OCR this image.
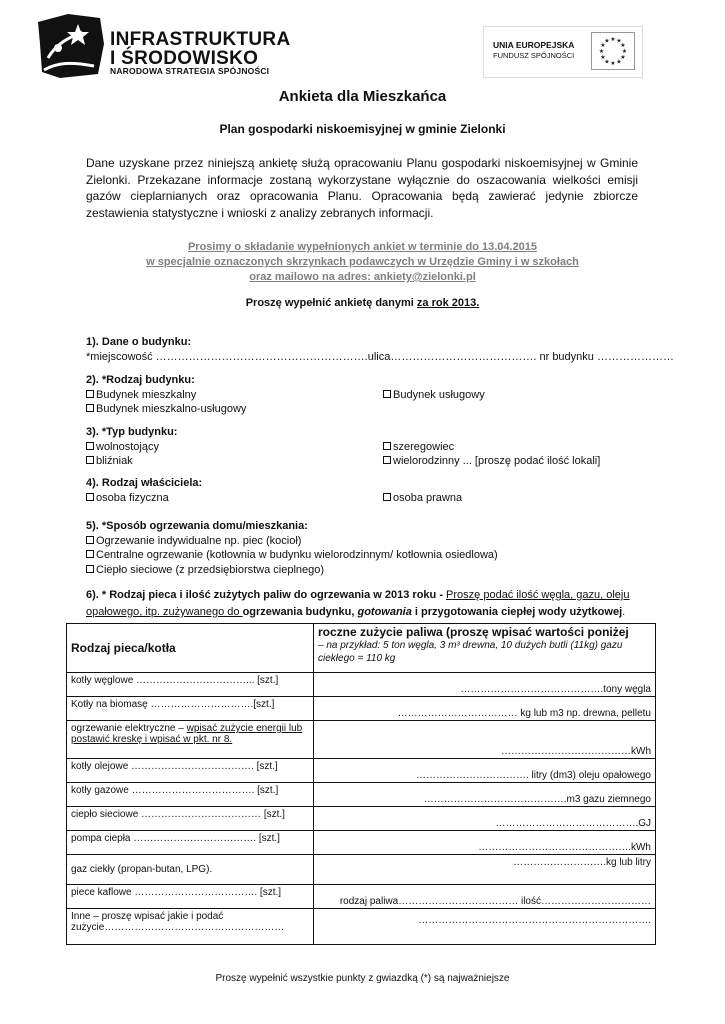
INFRASTRUKTURA
I ŚRODOWISKO
NARODOWA STRATEGIA SPÓJNOŚCI
UNIA EUROPEJSKA
FUNDUSZ SPÓJNOŚCI
★ ★
★
★
★
★
★
★
★
★
★
★
Ankieta dla Mieszkańca
Plan gospodarki niskoemisyjnej w gminie Zielonki
Dane uzyskane przez niniejszą ankietę służą opracowaniu Planu gospodarki niskoemisyjnej w Gminie Zielonki. Przekazane informacje zostaną wykorzystane wyłącznie do oszacowania wielkości emisji gazów cieplarnianych oraz opracowania Planu. Opracowania będą zawierać jedynie zbiorcze zestawienia statystyczne i wnioski z analizy zebranych informacji.
Prosimy o składanie wypełnionych ankiet w terminie do 13.04.2015
w specjalnie oznaczonych skrzynkach podawczych w Urzędzie Gminy i w szkołach
oraz mailowo na adres: ankiety@zielonki.pl
Proszę wypełnić ankietę danymi za rok 2013.
1). Dane o budynku:
*miejscowość ………………………………………………….ulica…………………………………. nr budynku …………………
2). *Rodzaj budynku:
Budynek mieszkalny	Budynek usługowy
Budynek mieszkalno-usługowy
3). *Typ budynku:
wolnostojący	szeregowiec
bliźniak	wielorodzinny ... [proszę podać ilość lokali]
4). Rodzaj właściciela:
osoba fizyczna	osoba prawna
5). *Sposób ogrzewania domu/mieszkania:
Ogrzewanie indywidualne np. piec (kocioł)
Centralne ogrzewanie (kotłownia w budynku wielorodzinnym/ kotłownia osiedlowa)
Ciepło sieciowe (z przedsiębiorstwa cieplnego)
6). * Rodzaj pieca i ilość zużytych paliw do ogrzewania w 2013 roku - Proszę podać ilość węgla, gazu, oleju opałowego, itp. zużywanego do ogrzewania budynku, gotowania i przygotowania ciepłej wody użytkowej.
Rodzaj pieca/kotła	roczne zużycie paliwa (proszę wpisać wartości poniżej
– na przykład: 5 ton węgla, 3 m³ drewna, 10 dużych butli (11kg) gazu ciekłego = 110 kg
kotły węglowe ……………………………... [szt.]	…………………………………….tony węgla
Kotły na biomasę ………………………….[szt.]	……………………………… kg lub m3 np. drewna, pelletu
ogrzewanie elektryczne – wpisać zużycie energii lub postawić kreskę i wpisać w pkt. nr 8.	…………………………………kWh
kotły olejowe ………………………………. [szt.]	……………………………. litry (dm3) oleju opałowego
kotły gazowe ………………………………. [szt.]	…………………………………….m3 gazu ziemnego
ciepło sieciowe ……………………………… [szt.]	…………………………………….GJ
pompa ciepła ………………………………. [szt.]	……………………………………….kWh
gaz ciekły (propan-butan, LPG).	……………………….kg lub litry
piece kaflowe ………………………………. [szt.]	rodzaj paliwa……………………………… ilość……………………………
Inne – proszę wpisać jakie i podać zużycie………………………………………………	…………………………………………………………….
Proszę wypełnić wszystkie punkty z gwiazdką (*) są najważniejsze
